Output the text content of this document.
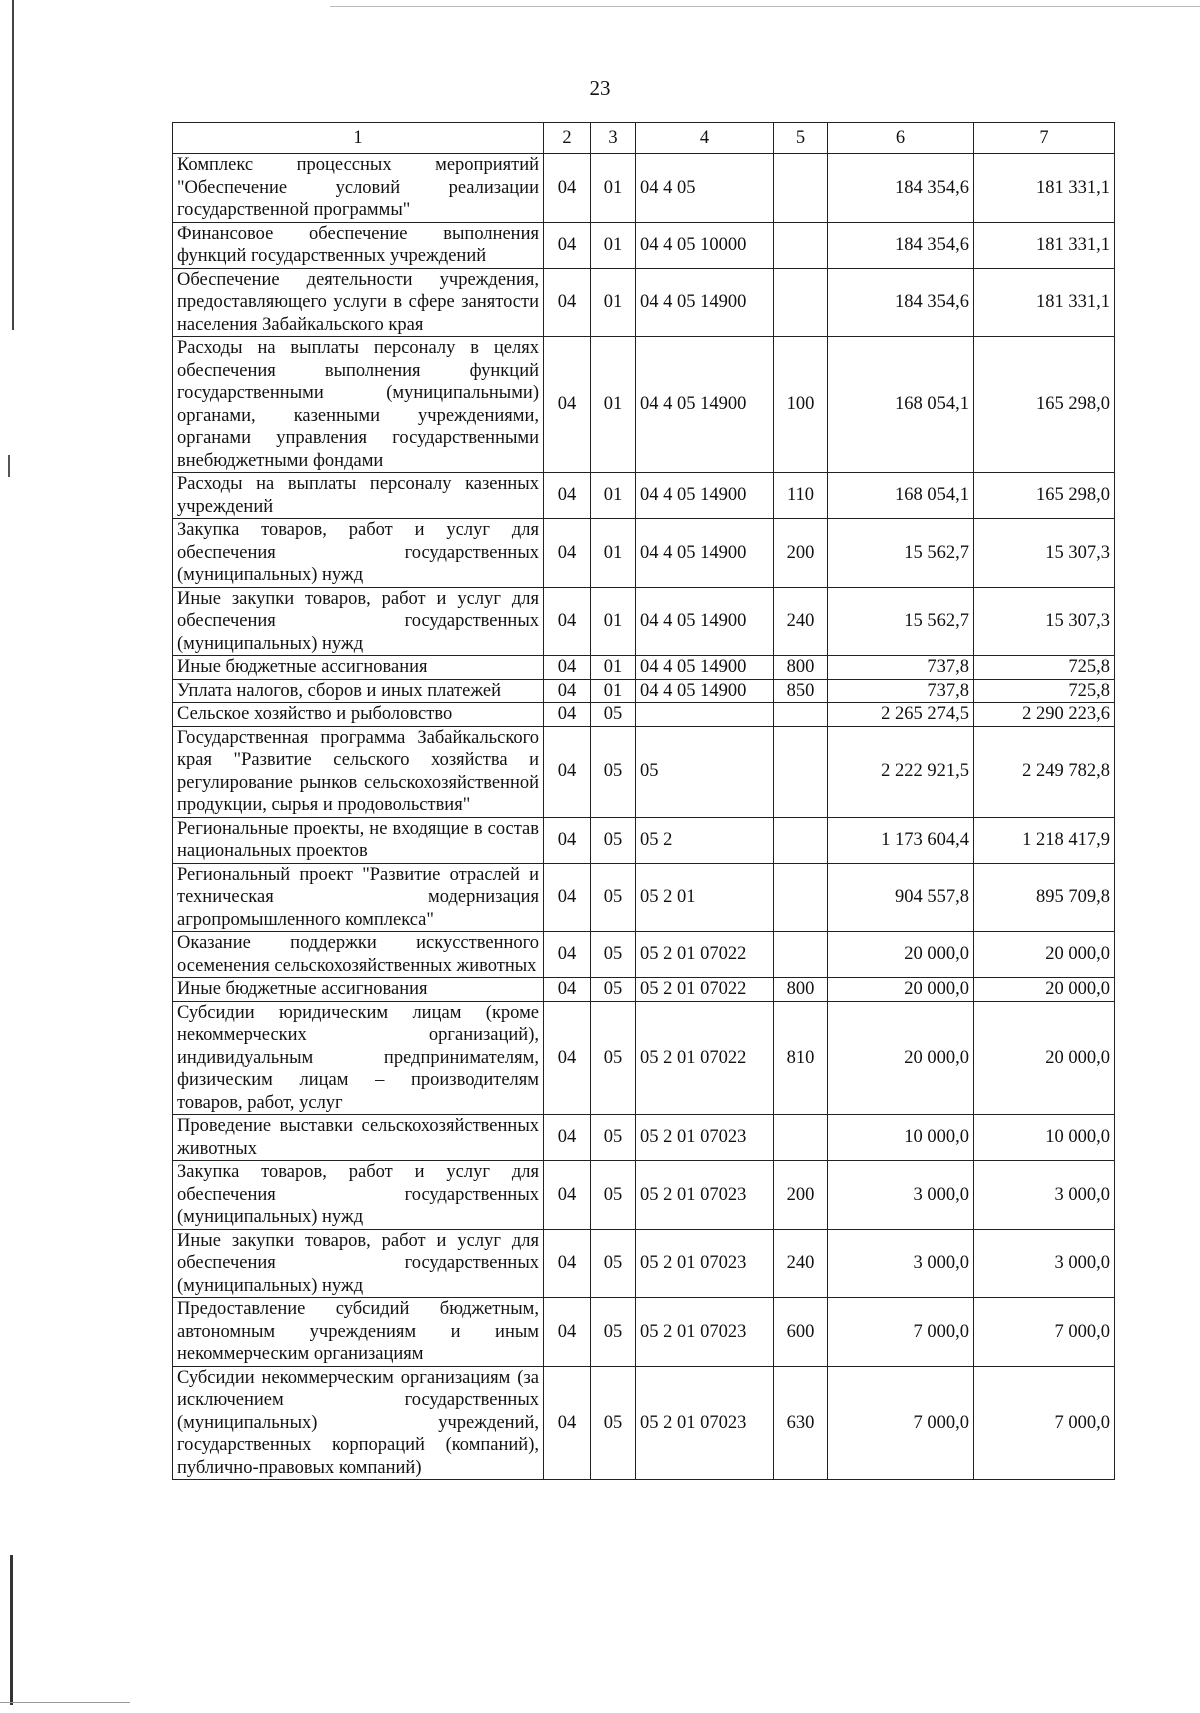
23
1	2	3	4	5	6	7
Комплекс процессных мероприятий "Обеспечение условий реализации государственной программы"	04	01	04 4 05		184 354,6	181 331,1
Финансовое обеспечение выполнения функций государственных учреждений	04	01	04 4 05 10000		184 354,6	181 331,1
Обеспечение деятельности учреждения, предоставляющего услуги в сфере занятости населения Забайкальского края	04	01	04 4 05 14900		184 354,6	181 331,1
Расходы на выплаты персоналу в целях обеспечения выполнения функций государственными (муниципальными) органами, казенными учреждениями, органами управления государственными внебюджетными фондами	04	01	04 4 05 14900	100	168 054,1	165 298,0
Расходы на выплаты персоналу казенных учреждений	04	01	04 4 05 14900	110	168 054,1	165 298,0
Закупка товаров, работ и услуг для обеспечения государственных (муниципальных) нужд	04	01	04 4 05 14900	200	15 562,7	15 307,3
Иные закупки товаров, работ и услуг для обеспечения государственных (муниципальных) нужд	04	01	04 4 05 14900	240	15 562,7	15 307,3
Иные бюджетные ассигнования	04	01	04 4 05 14900	800	737,8	725,8
Уплата налогов, сборов и иных платежей	04	01	04 4 05 14900	850	737,8	725,8
Сельское хозяйство и рыболовство	04	05			2 265 274,5	2 290 223,6
Государственная программа Забайкальского края "Развитие сельского хозяйства и регулирование рынков сельскохозяйственной продукции, сырья и продовольствия"	04	05	05		2 222 921,5	2 249 782,8
Региональные проекты, не входящие в состав национальных проектов	04	05	05 2		1 173 604,4	1 218 417,9
Региональный проект "Развитие отраслей и техническая модернизация агропромышленного комплекса"	04	05	05 2 01		904 557,8	895 709,8
Оказание поддержки искусственного осеменения сельскохозяйственных животных	04	05	05 2 01 07022		20 000,0	20 000,0
Иные бюджетные ассигнования	04	05	05 2 01 07022	800	20 000,0	20 000,0
Субсидии юридическим лицам (кроме некоммерческих организаций), индивидуальным предпринимателям, физическим лицам – производителям товаров, работ, услуг	04	05	05 2 01 07022	810	20 000,0	20 000,0
Проведение выставки сельскохозяйственных животных	04	05	05 2 01 07023		10 000,0	10 000,0
Закупка товаров, работ и услуг для обеспечения государственных (муниципальных) нужд	04	05	05 2 01 07023	200	3 000,0	3 000,0
Иные закупки товаров, работ и услуг для обеспечения государственных (муниципальных) нужд	04	05	05 2 01 07023	240	3 000,0	3 000,0
Предоставление субсидий бюджетным, автономным учреждениям и иным некоммерческим организациям	04	05	05 2 01 07023	600	7 000,0	7 000,0
Субсидии некоммерческим организациям (за исключением государственных (муниципальных) учреждений, государственных корпораций (компаний), публично-правовых компаний)	04	05	05 2 01 07023	630	7 000,0	7 000,0
